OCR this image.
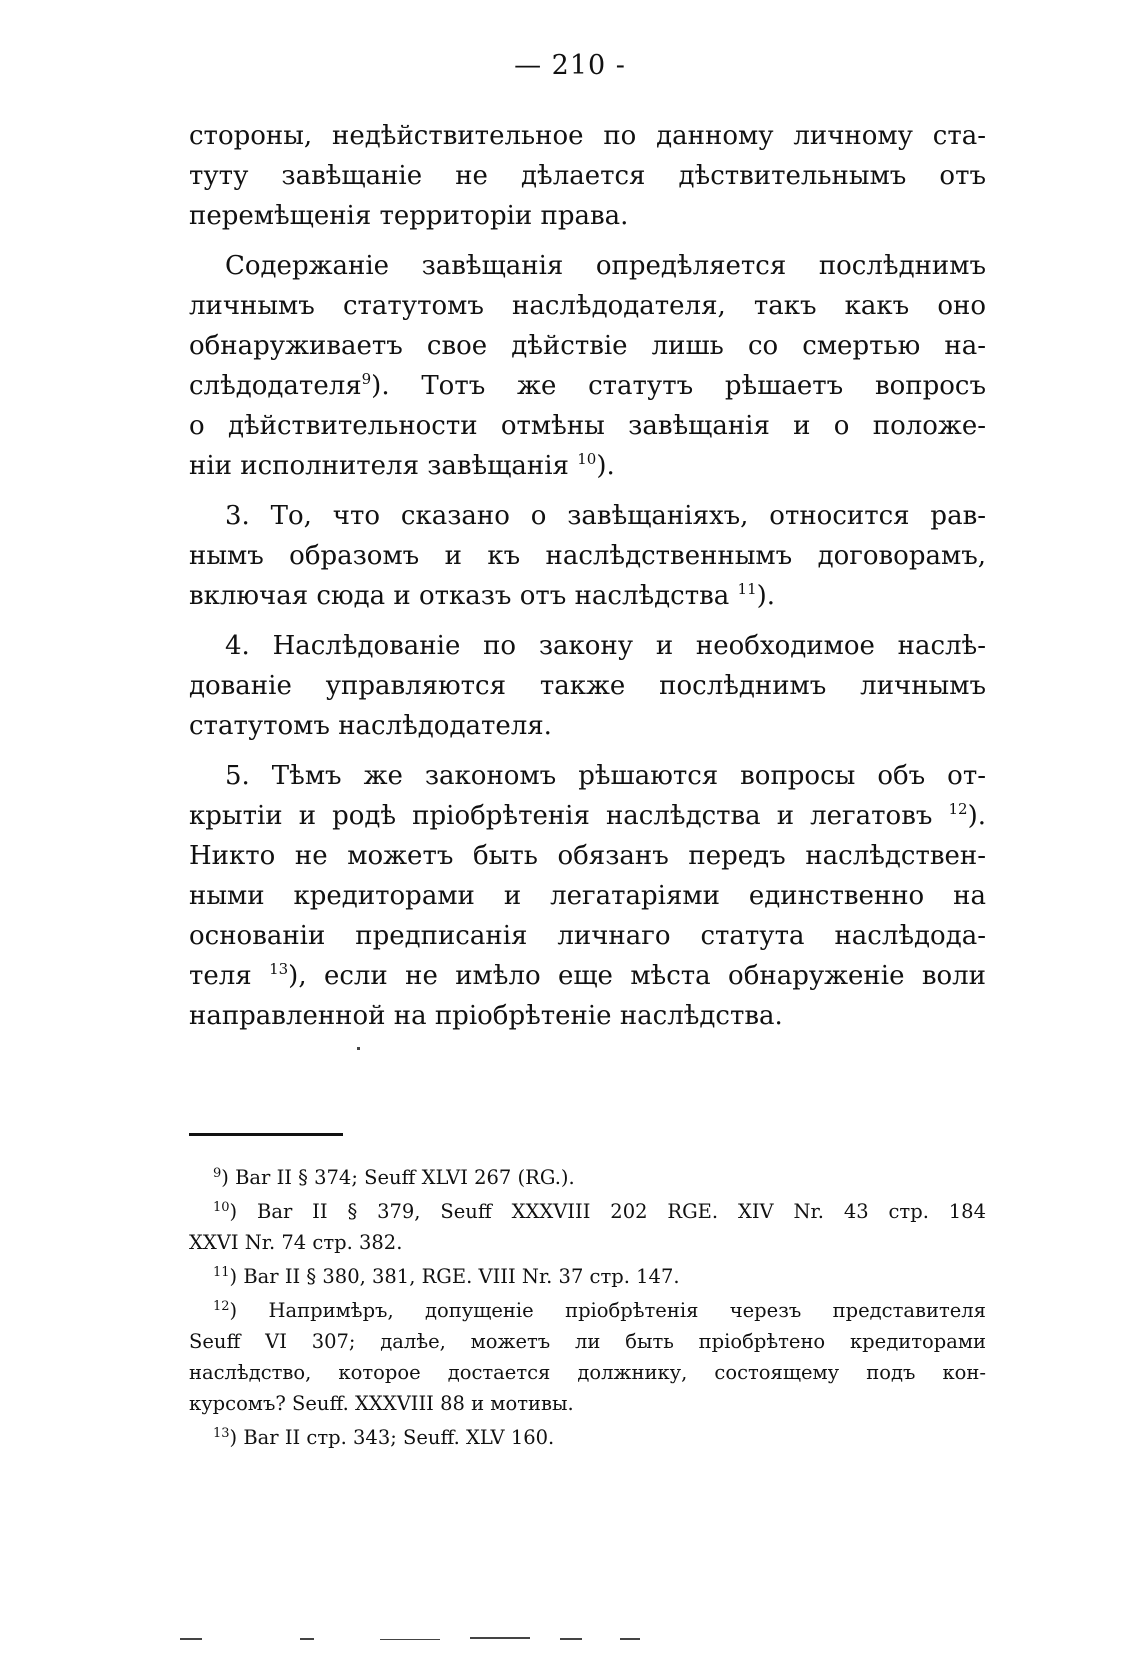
— 210 -
стороны, недѣйствительное по данному личному ста-
туту завѣщаніе не дѣлается дѣствительнымъ отъ
перемѣщенія территоріи права.
Содержаніе завѣщанія опредѣляется послѣднимъ
личнымъ статутомъ наслѣдодателя, такъ какъ оно
обнаруживаетъ свое дѣйствіе лишь со смертью на-
слѣдодателя$^9$). Тотъ же статутъ рѣшаетъ вопросъ
о дѣйствительности отмѣны завѣщанія и о положе-
ніи исполнителя завѣщанія $^{10}$).
3. То, что сказано о завѣщаніяхъ, относится рав-
нымъ образомъ и къ наслѣдственнымъ договорамъ,
включая сюда и отказъ отъ наслѣдства $^{11}$).
4. Наслѣдованіе по закону и необходимое наслѣ-
дованіе управляются также послѣднимъ личнымъ
статутомъ наслѣдодателя.
5. Тѣмъ же закономъ рѣшаются вопросы объ от-
крытіи и родѣ пріобрѣтенія наслѣдства и легатовъ $^{12}$).
Никто не можетъ быть обязанъ передъ наслѣдствен-
ными кредиторами и легатаріями единственно на
основаніи предписанія личнаго статута наслѣдода-
теля $^{13}$), если не имѣло еще мѣста обнаруженіе воли
направленной на пріобрѣтеніе наслѣдства.
$^9$) Bar II § 374; Seuff XLVI 267 (RG.).
$^{10}$) Bar II § 379, Seuff XXXVIII 202 RGE. XIV Nr. 43 стр. 184
XXVI Nr. 74 стр. 382.
$^{11}$) Bar II § 380, 381, RGE. VIII Nr. 37 стр. 147.
$^{12}$) Напримѣръ, допущеніе пріобрѣтенія черезъ представителя
Seuff VI 307; далѣе, можетъ ли быть пріобрѣтено кредиторами
наслѣдство, которое достается должнику, состоящему подъ кон-
курсомъ? Seuff. XXXVIII 88 и мотивы.
$^{13}$) Bar II стр. 343; Seuff. XLV 160.
